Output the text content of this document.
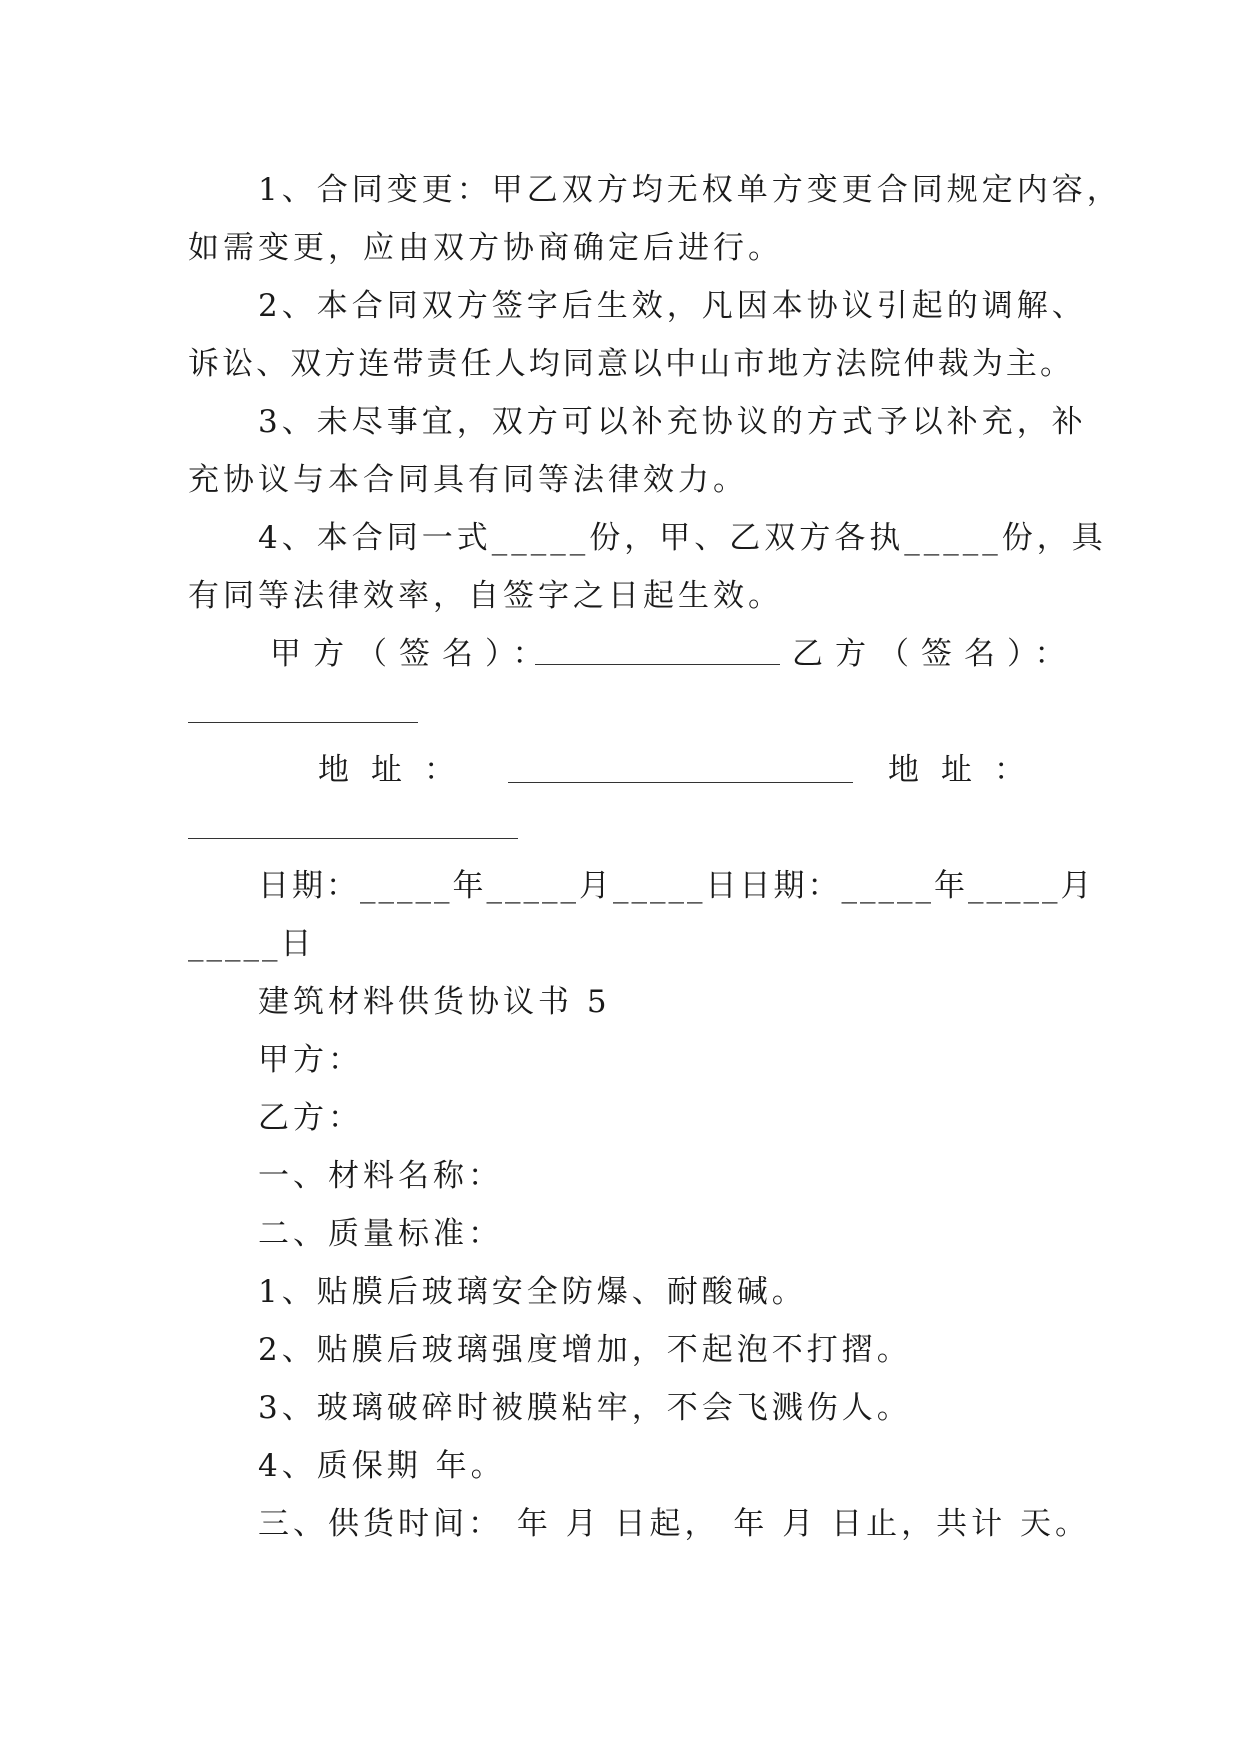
1、合同变更：甲乙双方均无权单方变更合同规定内容，
如需变更，应由双方协商确定后进行。
2、本合同双方签字后生效，凡因本协议引起的调解、
诉讼、双方连带责任人均同意以中山市地方法院仲裁为主。
3、未尽事宜，双方可以补充协议的方式予以补充，补
充协议与本合同具有同等法律效力。
4、本合同一式_____份，甲、乙双方各执_____份，具
有同等法律效率，自签字之日起生效。
甲方（签名）：	乙方（签名）：
地址：	地址：
日期：_____年_____月_____日日期：_____年_____月
_____日
建筑材料供货协议书 5
甲方：
乙方：
一、材料名称：
二、质量标准：
1、贴膜后玻璃安全防爆、耐酸碱。
2、贴膜后玻璃强度增加，不起泡不打摺。
3、玻璃破碎时被膜粘牢，不会飞溅伤人。
4、质保期 年。
三、供货时间： 年 月 日起， 年 月 日止，共计 天。
